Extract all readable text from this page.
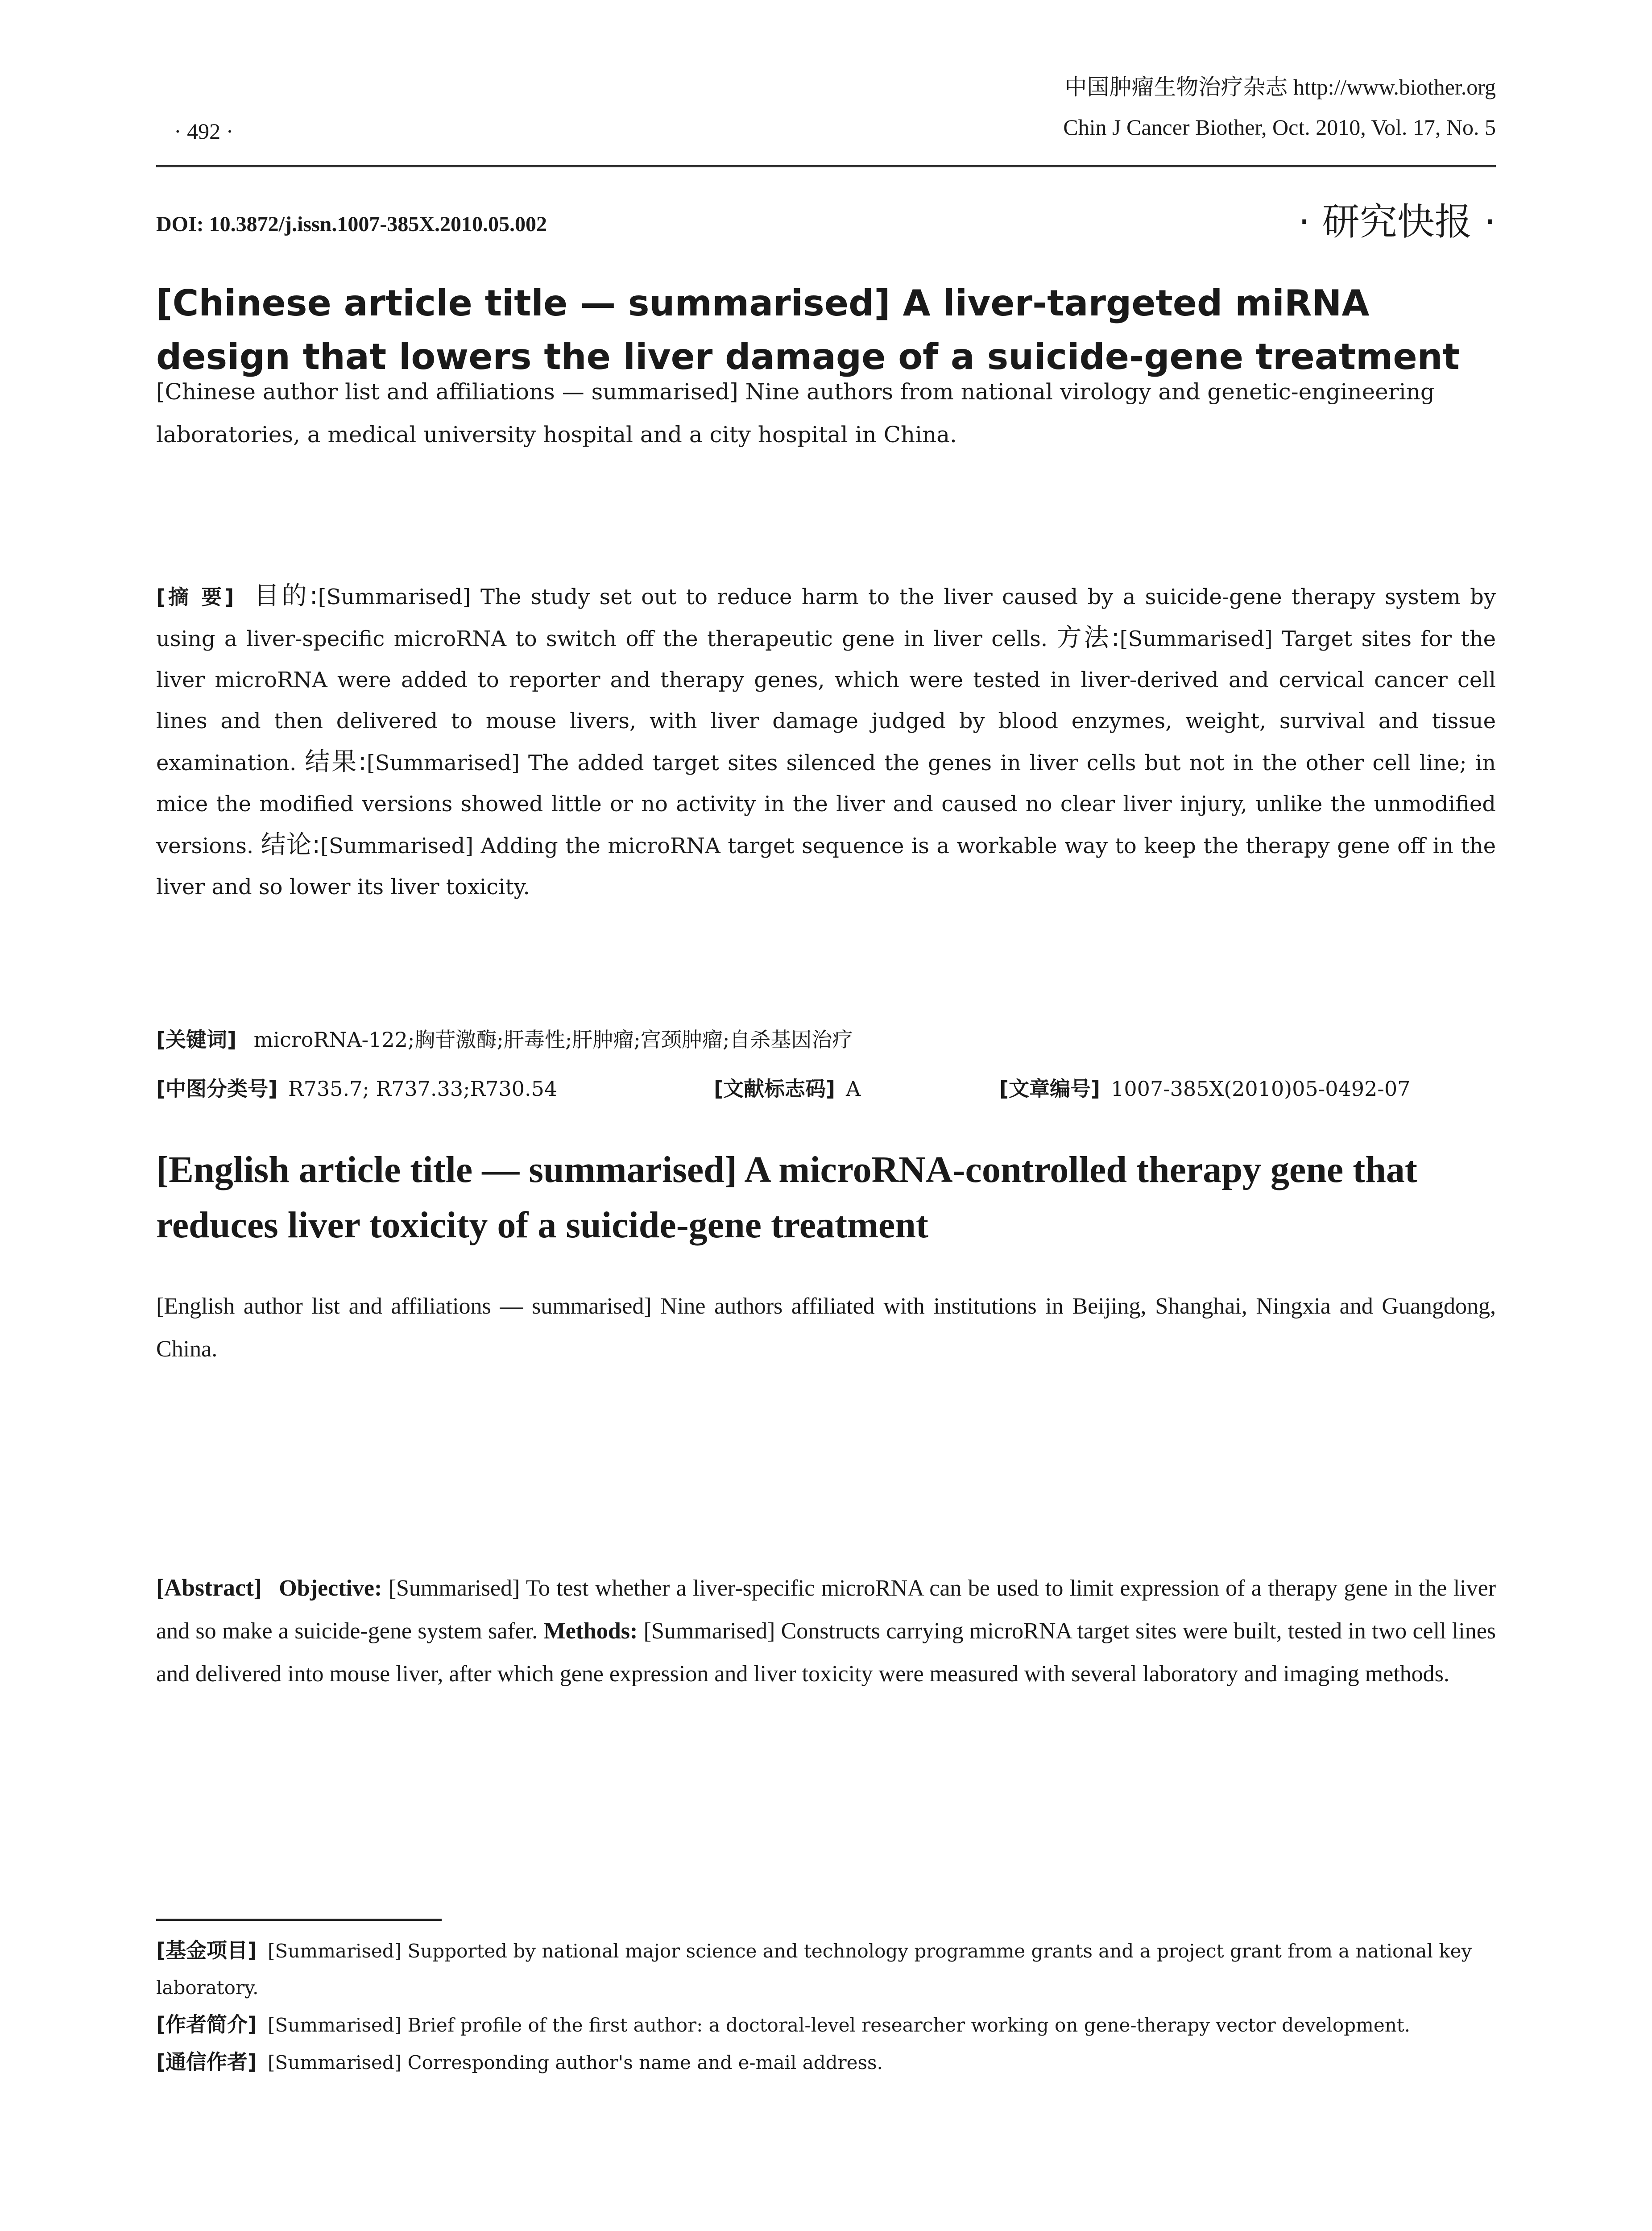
· 492 ·
中国肿瘤生物治疗杂志 http://www.biother.org
Chin J Cancer Biother, Oct. 2010, Vol. 17, No. 5
DOI: 10.3872/j.issn.1007-385X.2010.05.002	· 研究快报 ·
[Chinese article title — summarised] A liver-targeted miRNA design that lowers the liver damage of a suicide-gene treatment
[Chinese author list and affiliations — summarised] Nine authors from national virology and genetic-engineering laboratories, a medical university hospital and a city hospital in China.
[摘 要] 目的:[Summarised] The study set out to reduce harm to the liver caused by a suicide-gene therapy system by using a liver-specific microRNA to switch off the therapeutic gene in liver cells. 方法:[Summarised] Target sites for the liver microRNA were added to reporter and therapy genes, which were tested in liver-derived and cervical cancer cell lines and then delivered to mouse livers, with liver damage judged by blood enzymes, weight, survival and tissue examination. 结果:[Summarised] The added target sites silenced the genes in liver cells but not in the other cell line; in mice the modified versions showed little or no activity in the liver and caused no clear liver injury, unlike the unmodified versions. 结论:[Summarised] Adding the microRNA target sequence is a workable way to keep the therapy gene off in the liver and so lower its liver toxicity.
[关键词] microRNA-122;胸苷激酶;肝毒性;肝肿瘤;宫颈肿瘤;自杀基因治疗
[中图分类号] R735.7; R737.33;R730.54	[文献标志码] A	[文章编号] 1007-385X(2010)05-0492-07
[English article title — summarised] A microRNA-controlled therapy gene that reduces liver toxicity of a suicide-gene treatment
[English author list and affiliations — summarised] Nine authors affiliated with institutions in Beijing, Shanghai, Ningxia and Guangdong, China.
[Abstract] Objective: [Summarised] To test whether a liver-specific microRNA can be used to limit expression of a therapy gene in the liver and so make a suicide-gene system safer. Methods: [Summarised] Constructs carrying microRNA target sites were built, tested in two cell lines and delivered into mouse liver, after which gene expression and liver toxicity were measured with several laboratory and imaging methods.

[基金项目] [Summarised] Supported by national major science and technology programme grants and a project grant from a national key laboratory.

[作者简介] [Summarised] Brief profile of the first author: a doctoral-level researcher working on gene-therapy vector development.

[通信作者] [Summarised] Corresponding author's name and e-mail address.
